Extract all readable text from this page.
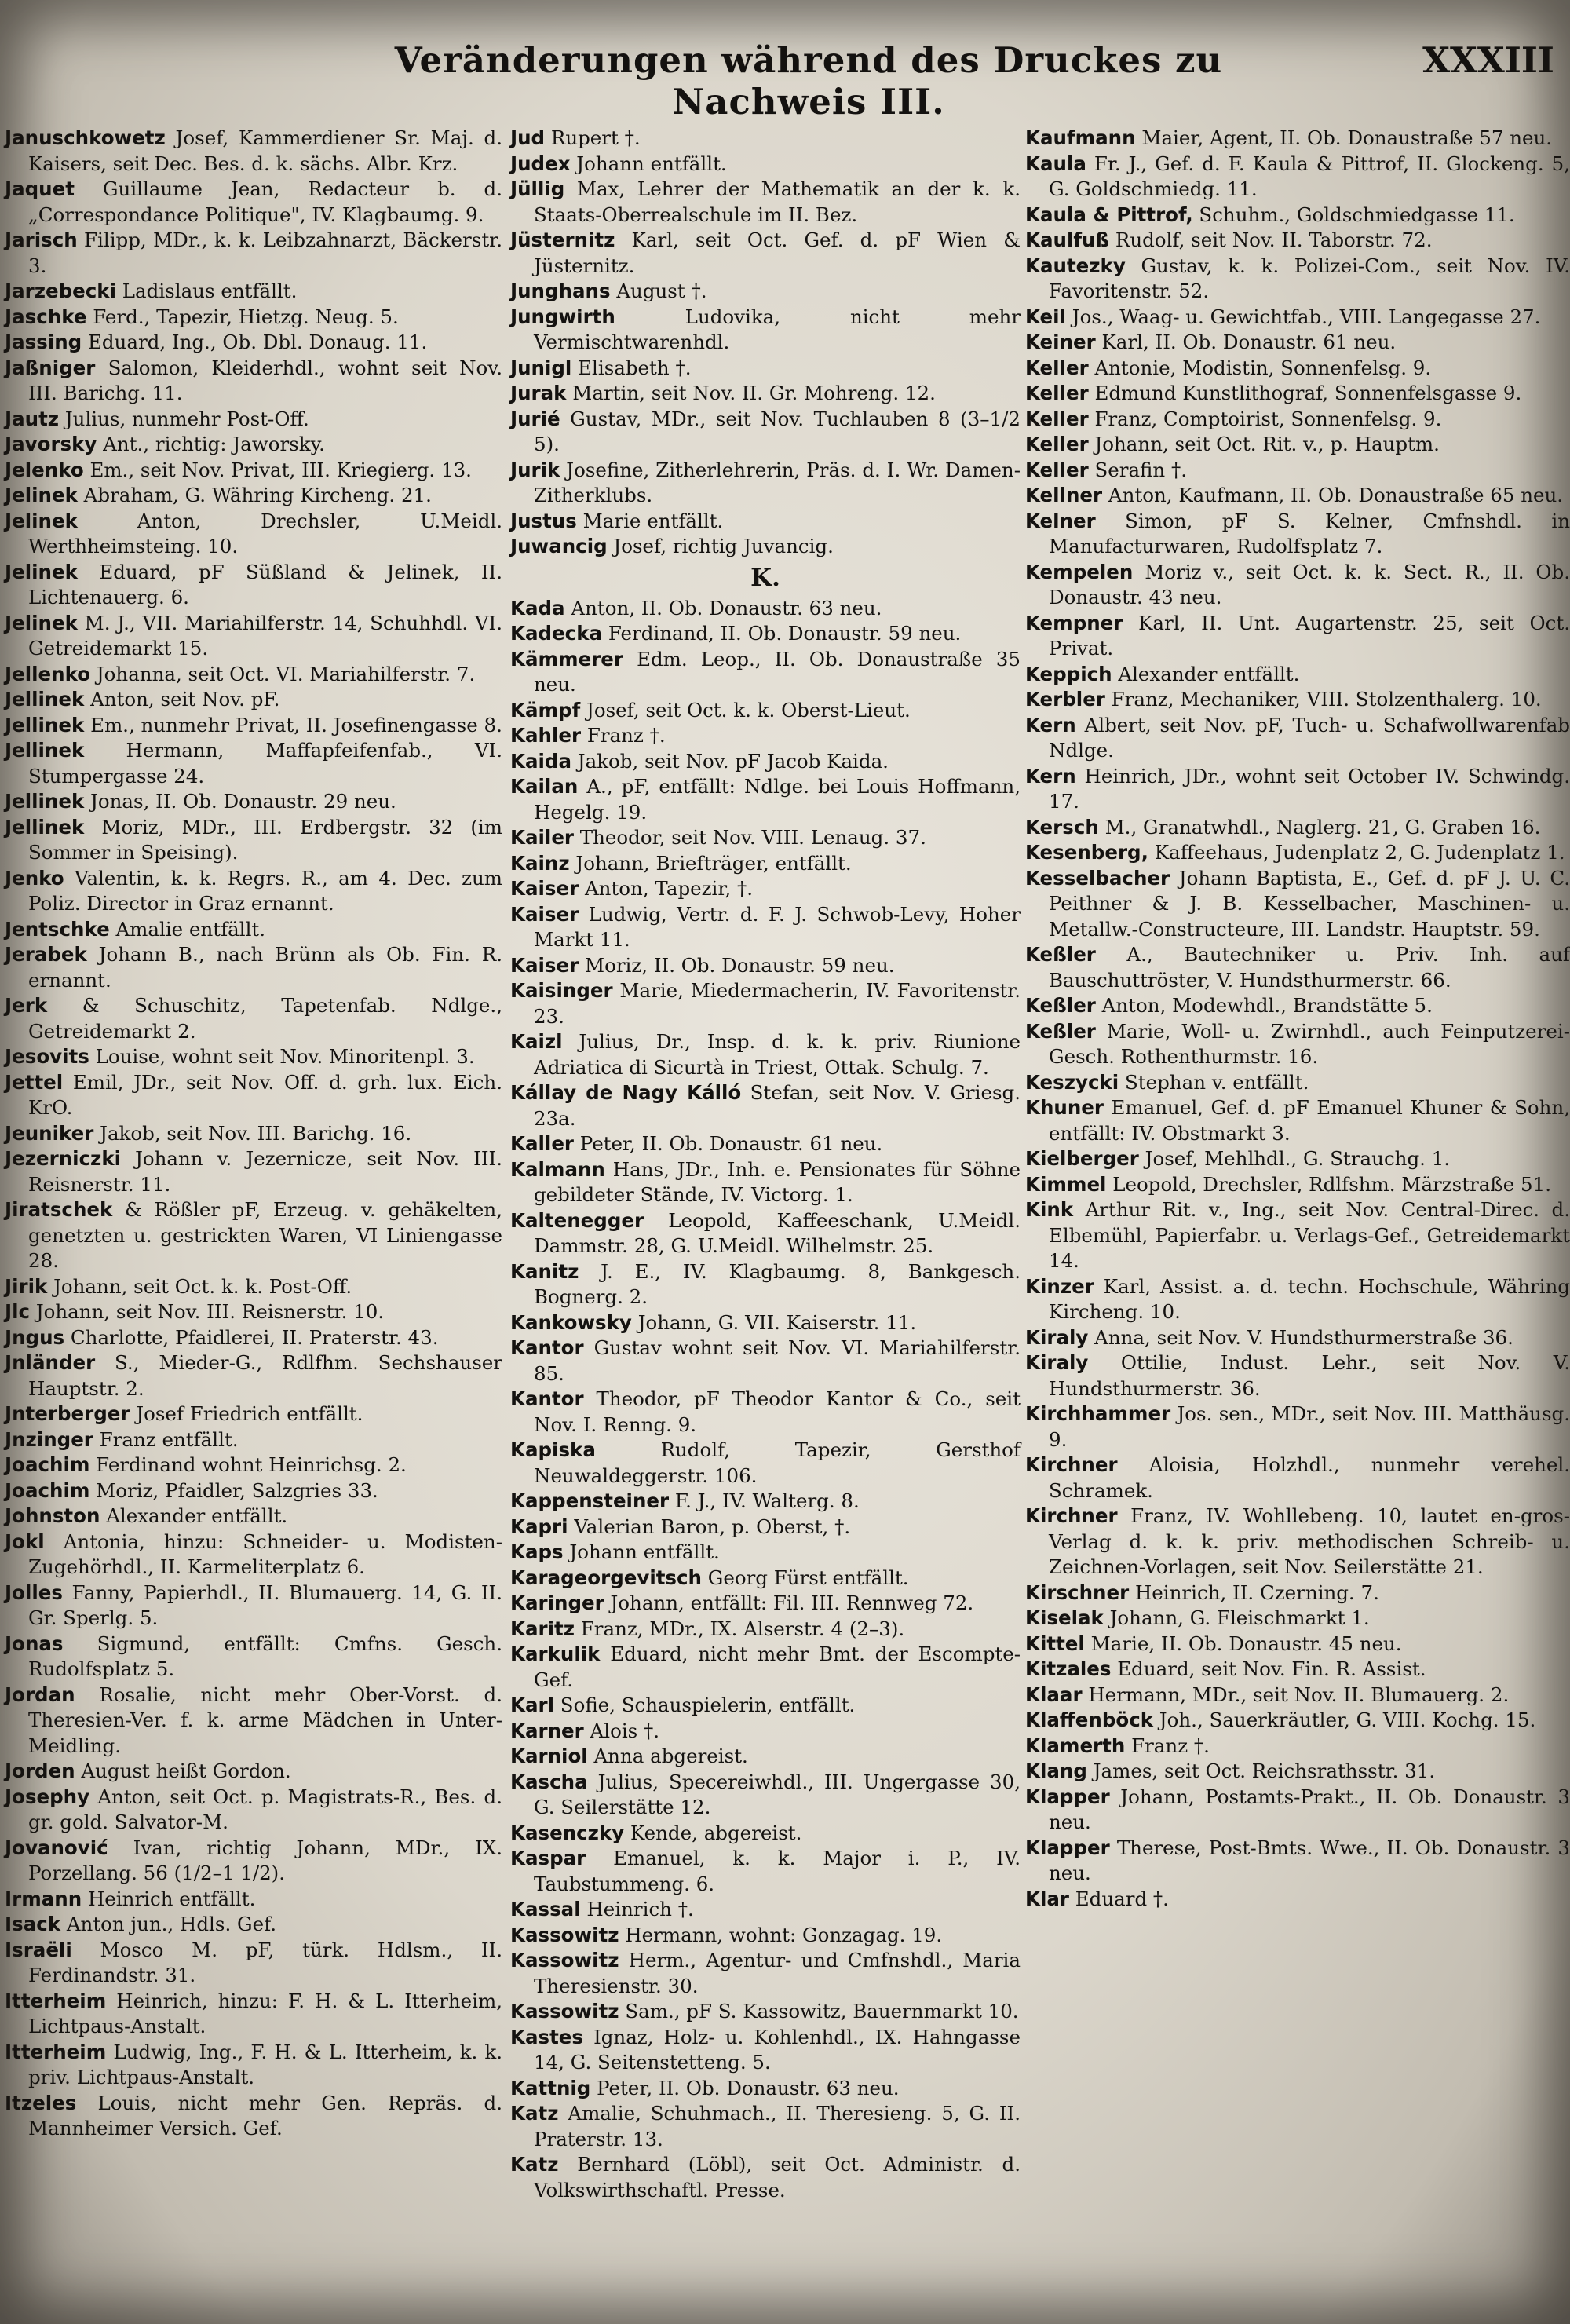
Veränderungen während des Druckes zu Nachweis III.
XXXIII
Januschkowetz Josef, Kammerdiener Sr. Maj. d. Kaisers, seit Dec. Bes. d. k. sächs. Albr. Krz.
Jaquet Guillaume Jean, Redacteur b. d. „Correspondance Politique", IV. Klagbaumg. 9.
Jarisch Filipp, MDr., k. k. Leibzahnarzt, Bäckerstr. 3.
Jarzebecki Ladislaus entfällt.
Jaschke Ferd., Tapezir, Hietzg. Neug. 5.
Jassing Eduard, Ing., Ob. Dbl. Donaug. 11.
Jaßniger Salomon, Kleiderhdl., wohnt seit Nov. III. Barichg. 11.
Jautz Julius, nunmehr Post-Off.
Javorsky Ant., richtig: Jaworsky.
Jelenko Em., seit Nov. Privat, III. Kriegierg. 13.
Jelinek Abraham, G. Währing Kircheng. 21.
Jelinek Anton, Drechsler, U.Meidl. Werthheimsteing. 10.
Jelinek Eduard, pF Süßland & Jelinek, II. Lichtenauerg. 6.
Jelinek M. J., VII. Mariahilferstr. 14, Schuhhdl. VI. Getreidemarkt 15.
Jellenko Johanna, seit Oct. VI. Mariahilferstr. 7.
Jellinek Anton, seit Nov. pF.
Jellinek Em., nunmehr Privat, II. Josefinengasse 8.
Jellinek Hermann, Maffapfeifenfab., VI. Stumpergasse 24.
Jellinek Jonas, II. Ob. Donaustr. 29 neu.
Jellinek Moriz, MDr., III. Erdbergstr. 32 (im Sommer in Speising).
Jenko Valentin, k. k. Regrs. R., am 4. Dec. zum Poliz. Director in Graz ernannt.
Jentschke Amalie entfällt.
Jerabek Johann B., nach Brünn als Ob. Fin. R. ernannt.
Jerk & Schuschitz, Tapetenfab. Ndlge., Getreidemarkt 2.
Jesovits Louise, wohnt seit Nov. Minoritenpl. 3.
Jettel Emil, JDr., seit Nov. Off. d. grh. lux. Eich. KrO.
Jeuniker Jakob, seit Nov. III. Barichg. 16.
Jezerniczki Johann v. Jezernicze, seit Nov. III. Reisnerstr. 11.
Jiratschek & Rößler pF, Erzeug. v. gehäkelten, genetzten u. gestrickten Waren, VI Liniengasse 28.
Jirik Johann, seit Oct. k. k. Post-Off.
Jlc Johann, seit Nov. III. Reisnerstr. 10.
Jngus Charlotte, Pfaidlerei, II. Praterstr. 43.
Jnländer S., Mieder-G., Rdlfhm. Sechshauser Hauptstr. 2.
Jnterberger Josef Friedrich entfällt.
Jnzinger Franz entfällt.
Joachim Ferdinand wohnt Heinrichsg. 2.
Joachim Moriz, Pfaidler, Salzgries 33.
Johnston Alexander entfällt.
Jokl Antonia, hinzu: Schneider- u. Modisten-Zugehörhdl., II. Karmeliterplatz 6.
Jolles Fanny, Papierhdl., II. Blumauerg. 14, G. II. Gr. Sperlg. 5.
Jonas Sigmund, entfällt: Cmfns. Gesch. Rudolfsplatz 5.
Jordan Rosalie, nicht mehr Ober-Vorst. d. Theresien-Ver. f. k. arme Mädchen in Unter-Meidling.
Jorden August heißt Gordon.
Josephy Anton, seit Oct. p. Magistrats-R., Bes. d. gr. gold. Salvator-M.
Jovanović Ivan, richtig Johann, MDr., IX. Porzellang. 56 (1/2–1 1/2).
Irmann Heinrich entfällt.
Isack Anton jun., Hdls. Gef.
Israëli Mosco M. pF, türk. Hdlsm., II. Ferdinandstr. 31.
Itterheim Heinrich, hinzu: F. H. & L. Itterheim, Lichtpaus-Anstalt.
Itterheim Ludwig, Ing., F. H. & L. Itterheim, k. k. priv. Lichtpaus-Anstalt.
Itzeles Louis, nicht mehr Gen. Repräs. d. Mannheimer Versich. Gef.
Jud Rupert †.
Judex Johann entfällt.
Jüllig Max, Lehrer der Mathematik an der k. k. Staats-Oberrealschule im II. Bez.
Jüsternitz Karl, seit Oct. Gef. d. pF Wien & Jüsternitz.
Junghans August †.
Jungwirth Ludovika, nicht mehr Vermischtwarenhdl.
Junigl Elisabeth †.
Jurak Martin, seit Nov. II. Gr. Mohreng. 12.
Jurié Gustav, MDr., seit Nov. Tuchlauben 8 (3–1/2 5).
Jurik Josefine, Zitherlehrerin, Präs. d. I. Wr. Damen-Zitherklubs.
Justus Marie entfällt.
Juwancig Josef, richtig Juvancig.
K.
Kada Anton, II. Ob. Donaustr. 63 neu.
Kadecka Ferdinand, II. Ob. Donaustr. 59 neu.
Kämmerer Edm. Leop., II. Ob. Donaustraße 35 neu.
Kämpf Josef, seit Oct. k. k. Oberst-Lieut.
Kahler Franz †.
Kaida Jakob, seit Nov. pF Jacob Kaida.
Kailan A., pF, entfällt: Ndlge. bei Louis Hoffmann, Hegelg. 19.
Kailer Theodor, seit Nov. VIII. Lenaug. 37.
Kainz Johann, Briefträger, entfällt.
Kaiser Anton, Tapezir, †.
Kaiser Ludwig, Vertr. d. F. J. Schwob-Levy, Hoher Markt 11.
Kaiser Moriz, II. Ob. Donaustr. 59 neu.
Kaisinger Marie, Miedermacherin, IV. Favoritenstr. 23.
Kaizl Julius, Dr., Insp. d. k. k. priv. Riunione Adriatica di Sicurtà in Triest, Ottak. Schulg. 7.
Kállay de Nagy Kálló Stefan, seit Nov. V. Griesg. 23a.
Kaller Peter, II. Ob. Donaustr. 61 neu.
Kalmann Hans, JDr., Inh. e. Pensionates für Söhne gebildeter Stände, IV. Victorg. 1.
Kaltenegger Leopold, Kaffeeschank, U.Meidl. Dammstr. 28, G. U.Meidl. Wilhelmstr. 25.
Kanitz J. E., IV. Klagbaumg. 8, Bankgesch. Bognerg. 2.
Kankowsky Johann, G. VII. Kaiserstr. 11.
Kantor Gustav wohnt seit Nov. VI. Mariahilferstr. 85.
Kantor Theodor, pF Theodor Kantor & Co., seit Nov. I. Renng. 9.
Kapiska Rudolf, Tapezir, Gersthof Neuwaldeggerstr. 106.
Kappensteiner F. J., IV. Walterg. 8.
Kapri Valerian Baron, p. Oberst, †.
Kaps Johann entfällt.
Karageorgevitsch Georg Fürst entfällt.
Karinger Johann, entfällt: Fil. III. Rennweg 72.
Karitz Franz, MDr., IX. Alserstr. 4 (2–3).
Karkulik Eduard, nicht mehr Bmt. der Escompte-Gef.
Karl Sofie, Schauspielerin, entfällt.
Karner Alois †.
Karniol Anna abgereist.
Kascha Julius, Specereiwhdl., III. Ungergasse 30, G. Seilerstätte 12.
Kasenczky Kende, abgereist.
Kaspar Emanuel, k. k. Major i. P., IV. Taubstummeng. 6.
Kassal Heinrich †.
Kassowitz Hermann, wohnt: Gonzagag. 19.
Kassowitz Herm., Agentur- und Cmfnshdl., Maria Theresienstr. 30.
Kassowitz Sam., pF S. Kassowitz, Bauernmarkt 10.
Kastes Ignaz, Holz- u. Kohlenhdl., IX. Hahngasse 14, G. Seitenstetteng. 5.
Kattnig Peter, II. Ob. Donaustr. 63 neu.
Katz Amalie, Schuhmach., II. Theresieng. 5, G. II. Praterstr. 13.
Katz Bernhard (Löbl), seit Oct. Administr. d. Volkswirthschaftl. Presse.
Kaufmann Maier, Agent, II. Ob. Donaustraße 57 neu.
Kaula Fr. J., Gef. d. F. Kaula & Pittrof, II. Glockeng. 5, G. Goldschmiedg. 11.
Kaula & Pittrof, Schuhm., Goldschmiedgasse 11.
Kaulfuß Rudolf, seit Nov. II. Taborstr. 72.
Kautezky Gustav, k. k. Polizei-Com., seit Nov. IV. Favoritenstr. 52.
Keil Jos., Waag- u. Gewichtfab., VIII. Langegasse 27.
Keiner Karl, II. Ob. Donaustr. 61 neu.
Keller Antonie, Modistin, Sonnenfelsg. 9.
Keller Edmund Kunstlithograf, Sonnenfelsgasse 9.
Keller Franz, Comptoirist, Sonnenfelsg. 9.
Keller Johann, seit Oct. Rit. v., p. Hauptm.
Keller Serafin †.
Kellner Anton, Kaufmann, II. Ob. Donaustraße 65 neu.
Kelner Simon, pF S. Kelner, Cmfnshdl. in Manufacturwaren, Rudolfsplatz 7.
Kempelen Moriz v., seit Oct. k. k. Sect. R., II. Ob. Donaustr. 43 neu.
Kempner Karl, II. Unt. Augartenstr. 25, seit Oct. Privat.
Keppich Alexander entfällt.
Kerbler Franz, Mechaniker, VIII. Stolzenthalerg. 10.
Kern Albert, seit Nov. pF, Tuch- u. Schafwollwarenfab Ndlge.
Kern Heinrich, JDr., wohnt seit October IV. Schwindg. 17.
Kersch M., Granatwhdl., Naglerg. 21, G. Graben 16.
Kesenberg, Kaffeehaus, Judenplatz 2, G. Judenplatz 1.
Kesselbacher Johann Baptista, E., Gef. d. pF J. U. C. Peithner & J. B. Kesselbacher, Maschinen- u. Metallw.-Constructeure, III. Landstr. Hauptstr. 59.
Keßler A., Bautechniker u. Priv. Inh. auf Bauschuttröster, V. Hundsthurmerstr. 66.
Keßler Anton, Modewhdl., Brandstätte 5.
Keßler Marie, Woll- u. Zwirnhdl., auch Feinputzerei-Gesch. Rothenthurmstr. 16.
Keszycki Stephan v. entfällt.
Khuner Emanuel, Gef. d. pF Emanuel Khuner & Sohn, entfällt: IV. Obstmarkt 3.
Kielberger Josef, Mehlhdl., G. Strauchg. 1.
Kimmel Leopold, Drechsler, Rdlfshm. Märzstraße 51.
Kink Arthur Rit. v., Ing., seit Nov. Central-Direc. d. Elbemühl, Papierfabr. u. Verlags-Gef., Getreidemarkt 14.
Kinzer Karl, Assist. a. d. techn. Hochschule, Währing Kircheng. 10.
Kiraly Anna, seit Nov. V. Hundsthurmerstraße 36.
Kiraly Ottilie, Indust. Lehr., seit Nov. V. Hundsthurmerstr. 36.
Kirchhammer Jos. sen., MDr., seit Nov. III. Matthäusg. 9.
Kirchner Aloisia, Holzhdl., nunmehr verehel. Schramek.
Kirchner Franz, IV. Wohllebeng. 10, lautet en-gros-Verlag d. k. k. priv. methodischen Schreib- u. Zeichnen-Vorlagen, seit Nov. Seilerstätte 21.
Kirschner Heinrich, II. Czerning. 7.
Kiselak Johann, G. Fleischmarkt 1.
Kittel Marie, II. Ob. Donaustr. 45 neu.
Kitzales Eduard, seit Nov. Fin. R. Assist.
Klaar Hermann, MDr., seit Nov. II. Blumauerg. 2.
Klaffenböck Joh., Sauerkräutler, G. VIII. Kochg. 15.
Klamerth Franz †.
Klang James, seit Oct. Reichsrathsstr. 31.
Klapper Johann, Postamts-Prakt., II. Ob. Donaustr. 3 neu.
Klapper Therese, Post-Bmts. Wwe., II. Ob. Donaustr. 3 neu.
Klar Eduard †.
